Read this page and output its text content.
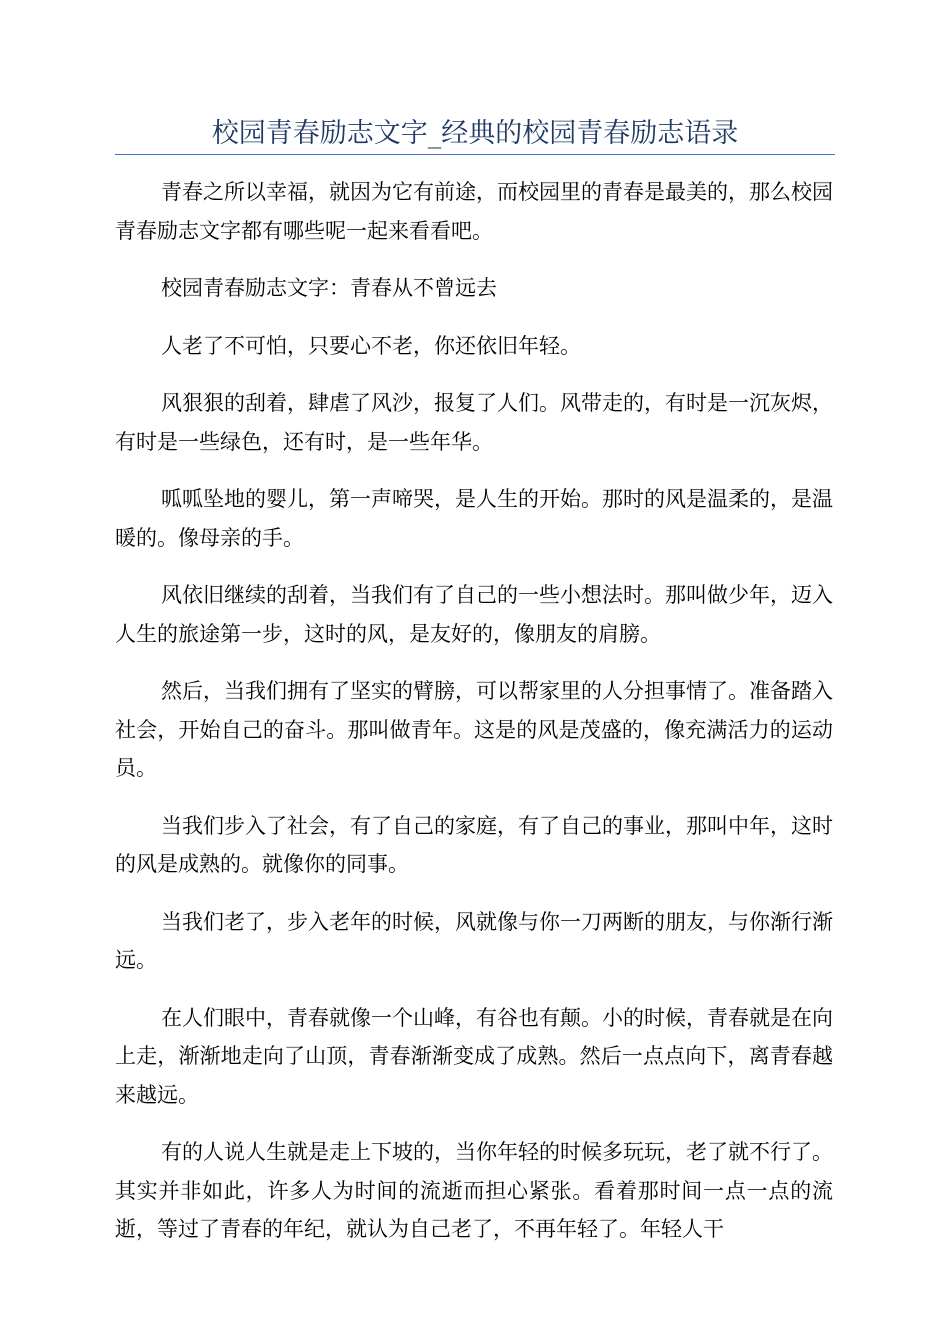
校园青春励志文字_经典的校园青春励志语录

青春之所以幸福，就因为它有前途，而校园里的青春是最美的，那么校园青春励志文字都有哪些呢一起来看看吧。

校园青春励志文字：青春从不曾远去

人老了不可怕，只要心不老，你还依旧年轻。

风狠狠的刮着，肆虐了风沙，报复了人们。风带走的，有时是一沉灰烬，有时是一些绿色，还有时，是一些年华。

呱呱坠地的婴儿，第一声啼哭，是人生的开始。那时的风是温柔的，是温暖的。像母亲的手。

风依旧继续的刮着，当我们有了自己的一些小想法时。那叫做少年，迈入人生的旅途第一步，这时的风，是友好的，像朋友的肩膀。

然后，当我们拥有了坚实的臂膀，可以帮家里的人分担事情了。准备踏入社会，开始自己的奋斗。那叫做青年。这是的风是茂盛的，像充满活力的运动员。

当我们步入了社会，有了自己的家庭，有了自己的事业，那叫中年，这时的风是成熟的。就像你的同事。

当我们老了，步入老年的时候，风就像与你一刀两断的朋友，与你渐行渐远。

在人们眼中，青春就像一个山峰，有谷也有颠。小的时候，青春就是在向上走，渐渐地走向了山顶，青春渐渐变成了成熟。然后一点点向下，离青春越来越远。

有的人说人生就是走上下坡的，当你年轻的时候多玩玩，老了就不行了。其实并非如此，许多人为时间的流逝而担心紧张。看着那时间一点一点的流逝，等过了青春的年纪，就认为自己老了，不再年轻了。年轻人干
